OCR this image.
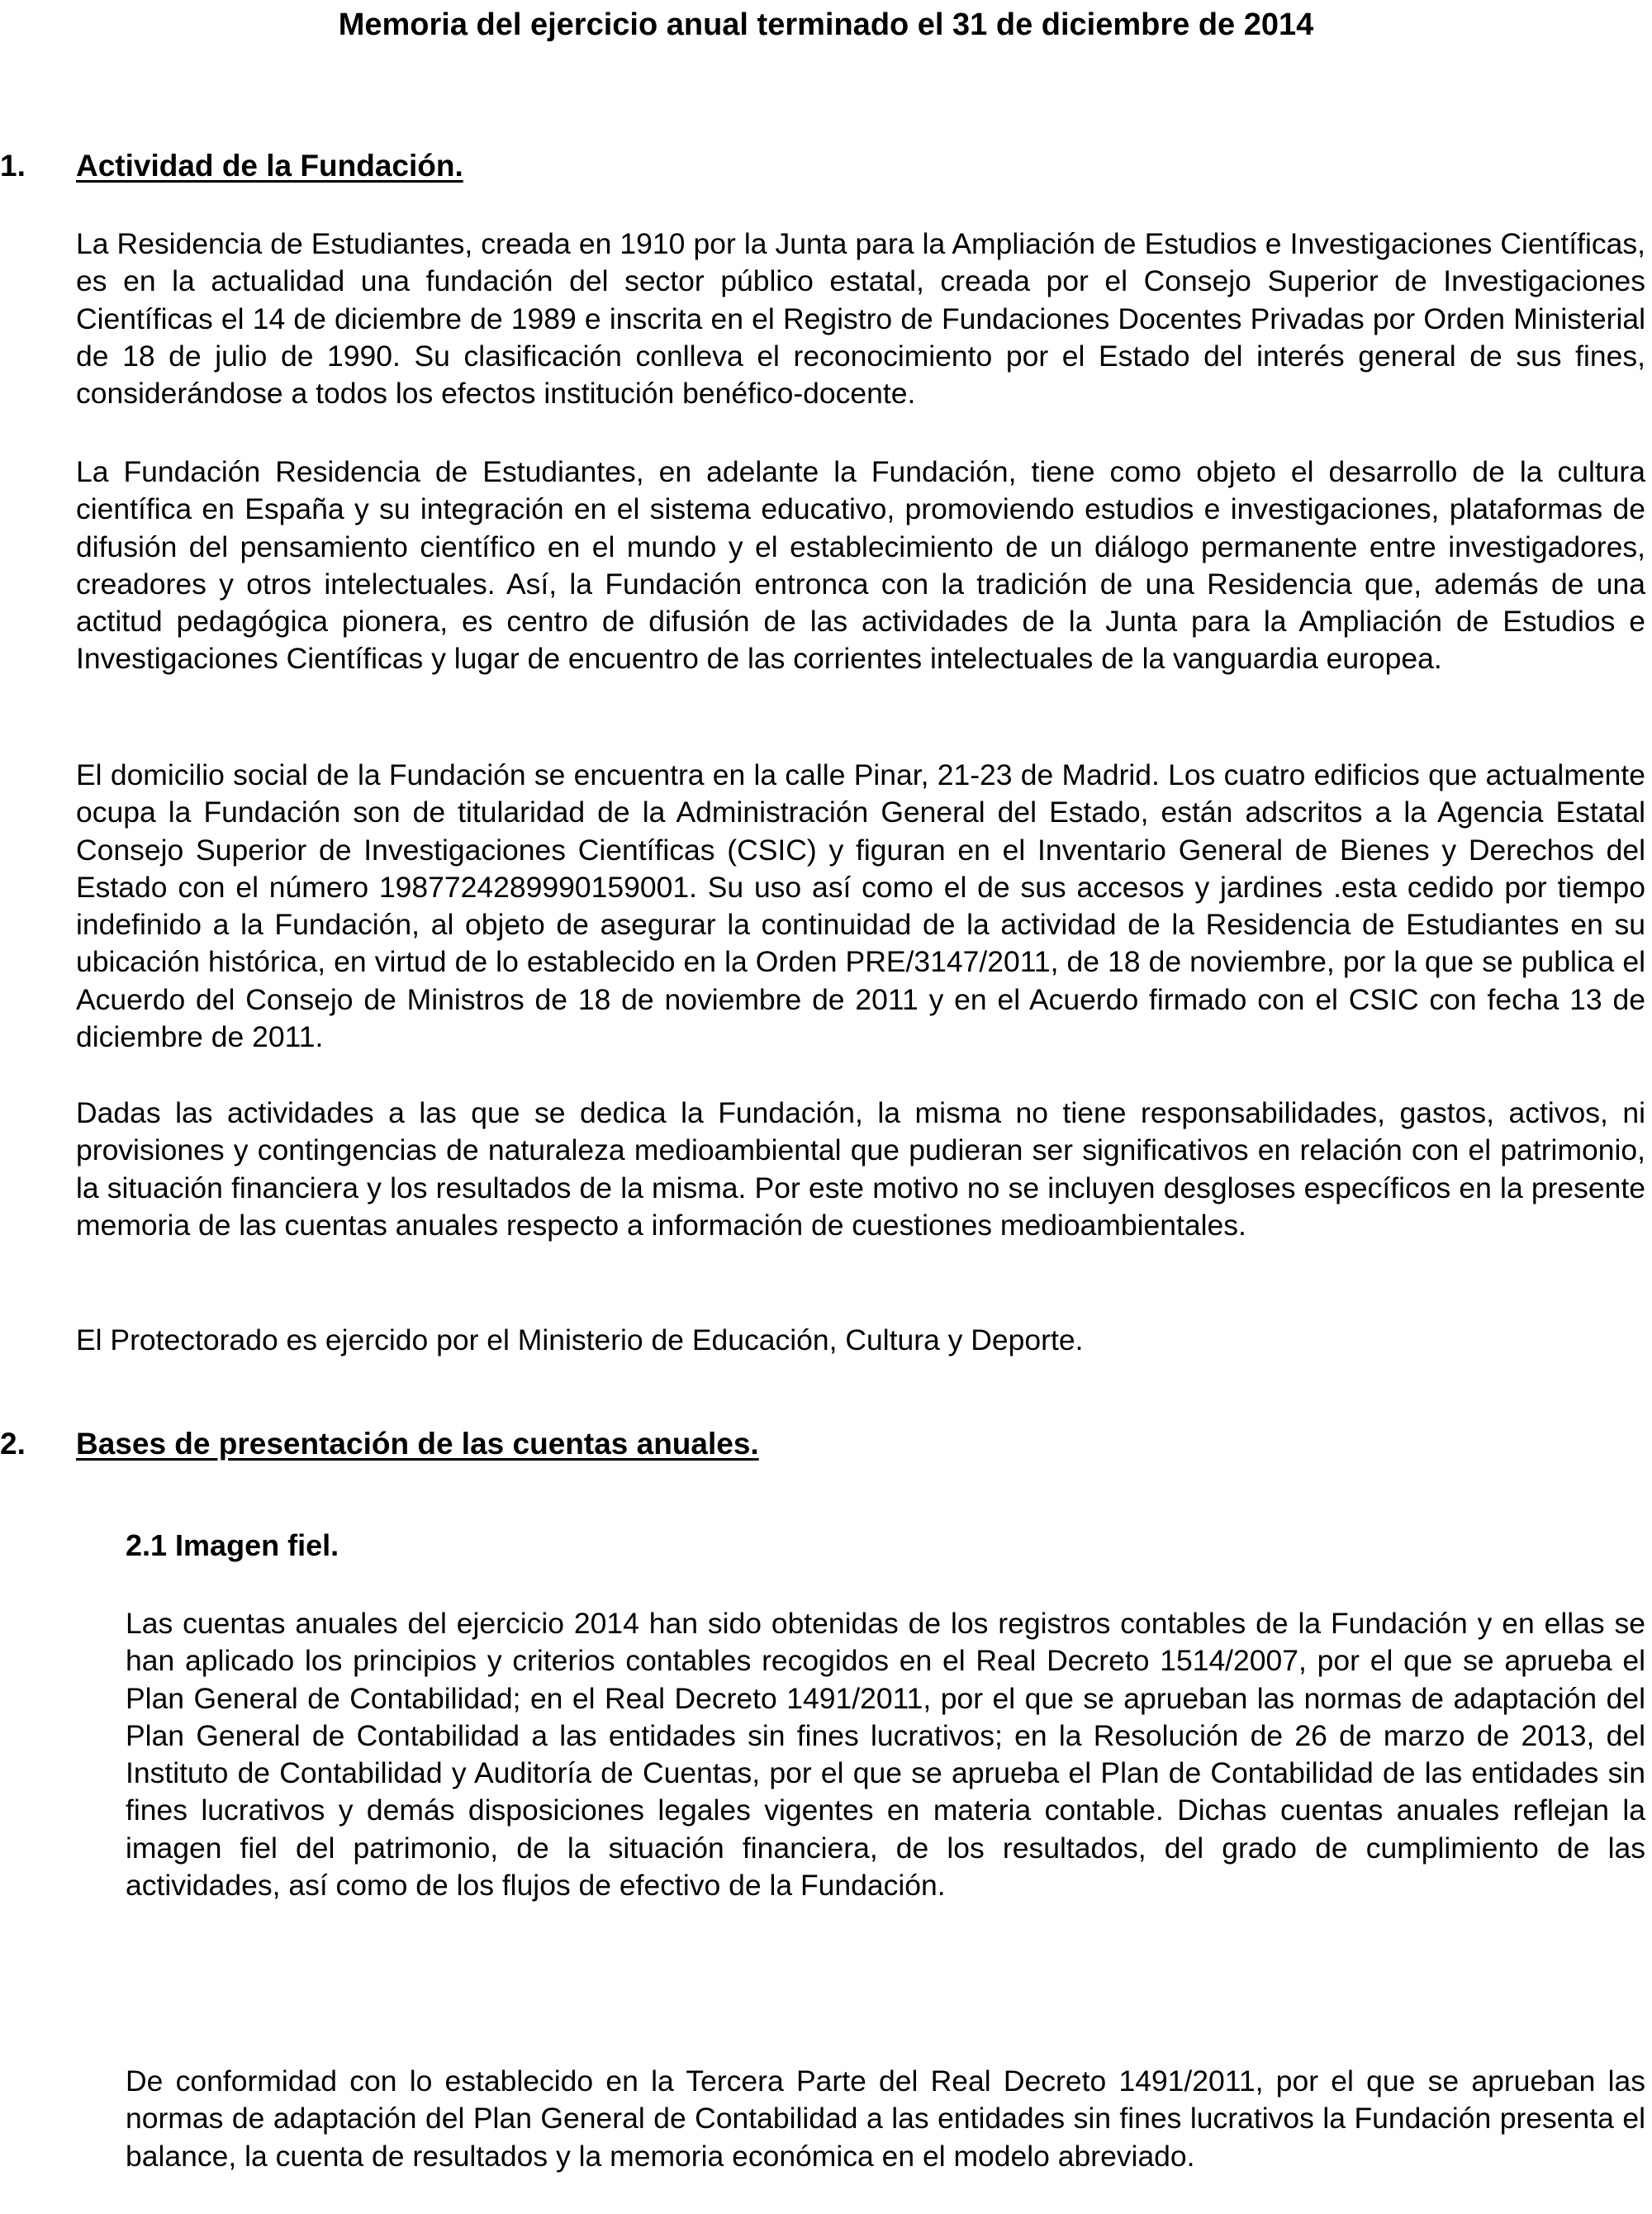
Memoria del ejercicio anual terminado el 31 de diciembre de 2014
1. Actividad de la Fundación.

La Residencia de Estudiantes, creada en 1910 por la Junta para la Ampliación de Estudios e Investigaciones Científicas, es en la actualidad una fundación del sector público estatal, creada por el Consejo Superior de Investigaciones Científicas el 14 de diciembre de 1989 e inscrita en el Registro de Fundaciones Docentes Privadas por Orden Ministerial de 18 de julio de 1990. Su clasificación conlleva el reconocimiento por el Estado del interés general de sus fines, considerándose a todos los efectos institución benéfico-docente.

La Fundación Residencia de Estudiantes, en adelante la Fundación, tiene como objeto el desarrollo de la cultura científica en España y su integración en el sistema educativo, promoviendo estudios e investigaciones, plataformas de difusión del pensamiento científico en el mundo y el establecimiento de un diálogo permanente entre investigadores, creadores y otros intelectuales. Así, la Fundación entronca con la tradición de una Residencia que, además de una actitud pedagógica pionera, es centro de difusión de las actividades de la Junta para la Ampliación de Estudios e Investigaciones Científicas y lugar de encuentro de las corrientes intelectuales de la vanguardia europea.

El domicilio social de la Fundación se encuentra en la calle Pinar, 21-23 de Madrid. Los cuatro edificios que actualmente ocupa la Fundación son de titularidad de la Administración General del Estado, están adscritos a la Agencia Estatal Consejo Superior de Investigaciones Científicas (CSIC) y figuran en el Inventario General de Bienes y Derechos del Estado con el número 1987724289990159001. Su uso así como el de sus accesos y jardines .esta cedido por tiempo indefinido a la Fundación, al objeto de asegurar la continuidad de la actividad de la Residencia de Estudiantes en su ubicación histórica, en virtud de lo establecido en la Orden PRE/3147/2011, de 18 de noviembre, por la que se publica el Acuerdo del Consejo de Ministros de 18 de noviembre de 2011 y en el Acuerdo firmado con el CSIC con fecha 13 de diciembre de 2011.

Dadas las actividades a las que se dedica la Fundación, la misma no tiene responsabilidades, gastos, activos, ni provisiones y contingencias de naturaleza medioambiental que pudieran ser significativos en relación con el patrimonio, la situación financiera y los resultados de la misma. Por este motivo no se incluyen desgloses específicos en la presente memoria de las cuentas anuales respecto a información de cuestiones medioambientales.

El Protectorado es ejercido por el Ministerio de Educación, Cultura y Deporte.

2. Bases de presentación de las cuentas anuales.
2.1 Imagen fiel.

Las cuentas anuales del ejercicio 2014 han sido obtenidas de los registros contables de la Fundación y en ellas se han aplicado los principios y criterios contables recogidos en el Real Decreto 1514/2007, por el que se aprueba el Plan General de Contabilidad; en el Real Decreto 1491/2011, por el que se aprueban las normas de adaptación del Plan General de Contabilidad a las entidades sin fines lucrativos; en la Resolución de 26 de marzo de 2013, del Instituto de Contabilidad y Auditoría de Cuentas, por el que se aprueba el Plan de Contabilidad de las entidades sin fines lucrativos y demás disposiciones legales vigentes en materia contable. Dichas cuentas anuales reflejan la imagen fiel del patrimonio, de la situación financiera, de los resultados, del grado de cumplimiento de las actividades, así como de los flujos de efectivo de la Fundación.

De conformidad con lo establecido en la Tercera Parte del Real Decreto 1491/2011, por el que se aprueban las normas de adaptación del Plan General de Contabilidad a las entidades sin fines lucrativos la Fundación presenta el balance, la cuenta de resultados y la memoria económica en el modelo abreviado.
